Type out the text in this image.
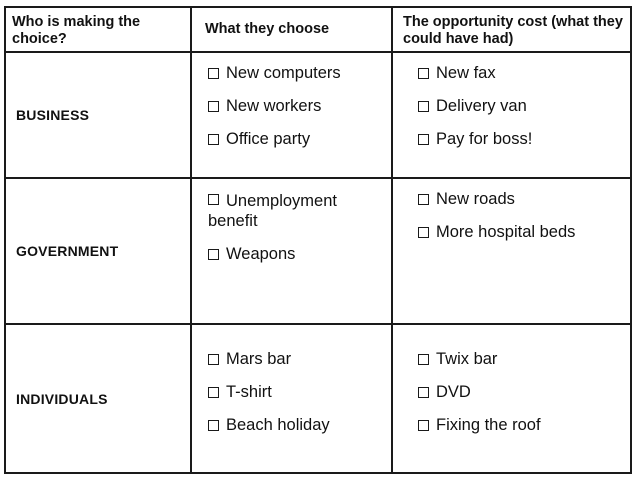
Who is making the choice?
What they choose	The opportunity cost (what they could have had)
BUSINESS
New computers
New workers
Office party
New fax
Delivery van
Pay for boss!
GOVERNMENT
Unemployment benefit
Weapons
New roads
More hospital beds
INDIVIDUALS
Mars bar
T-shirt
Beach holiday
Twix bar
DVD
Fixing the roof
